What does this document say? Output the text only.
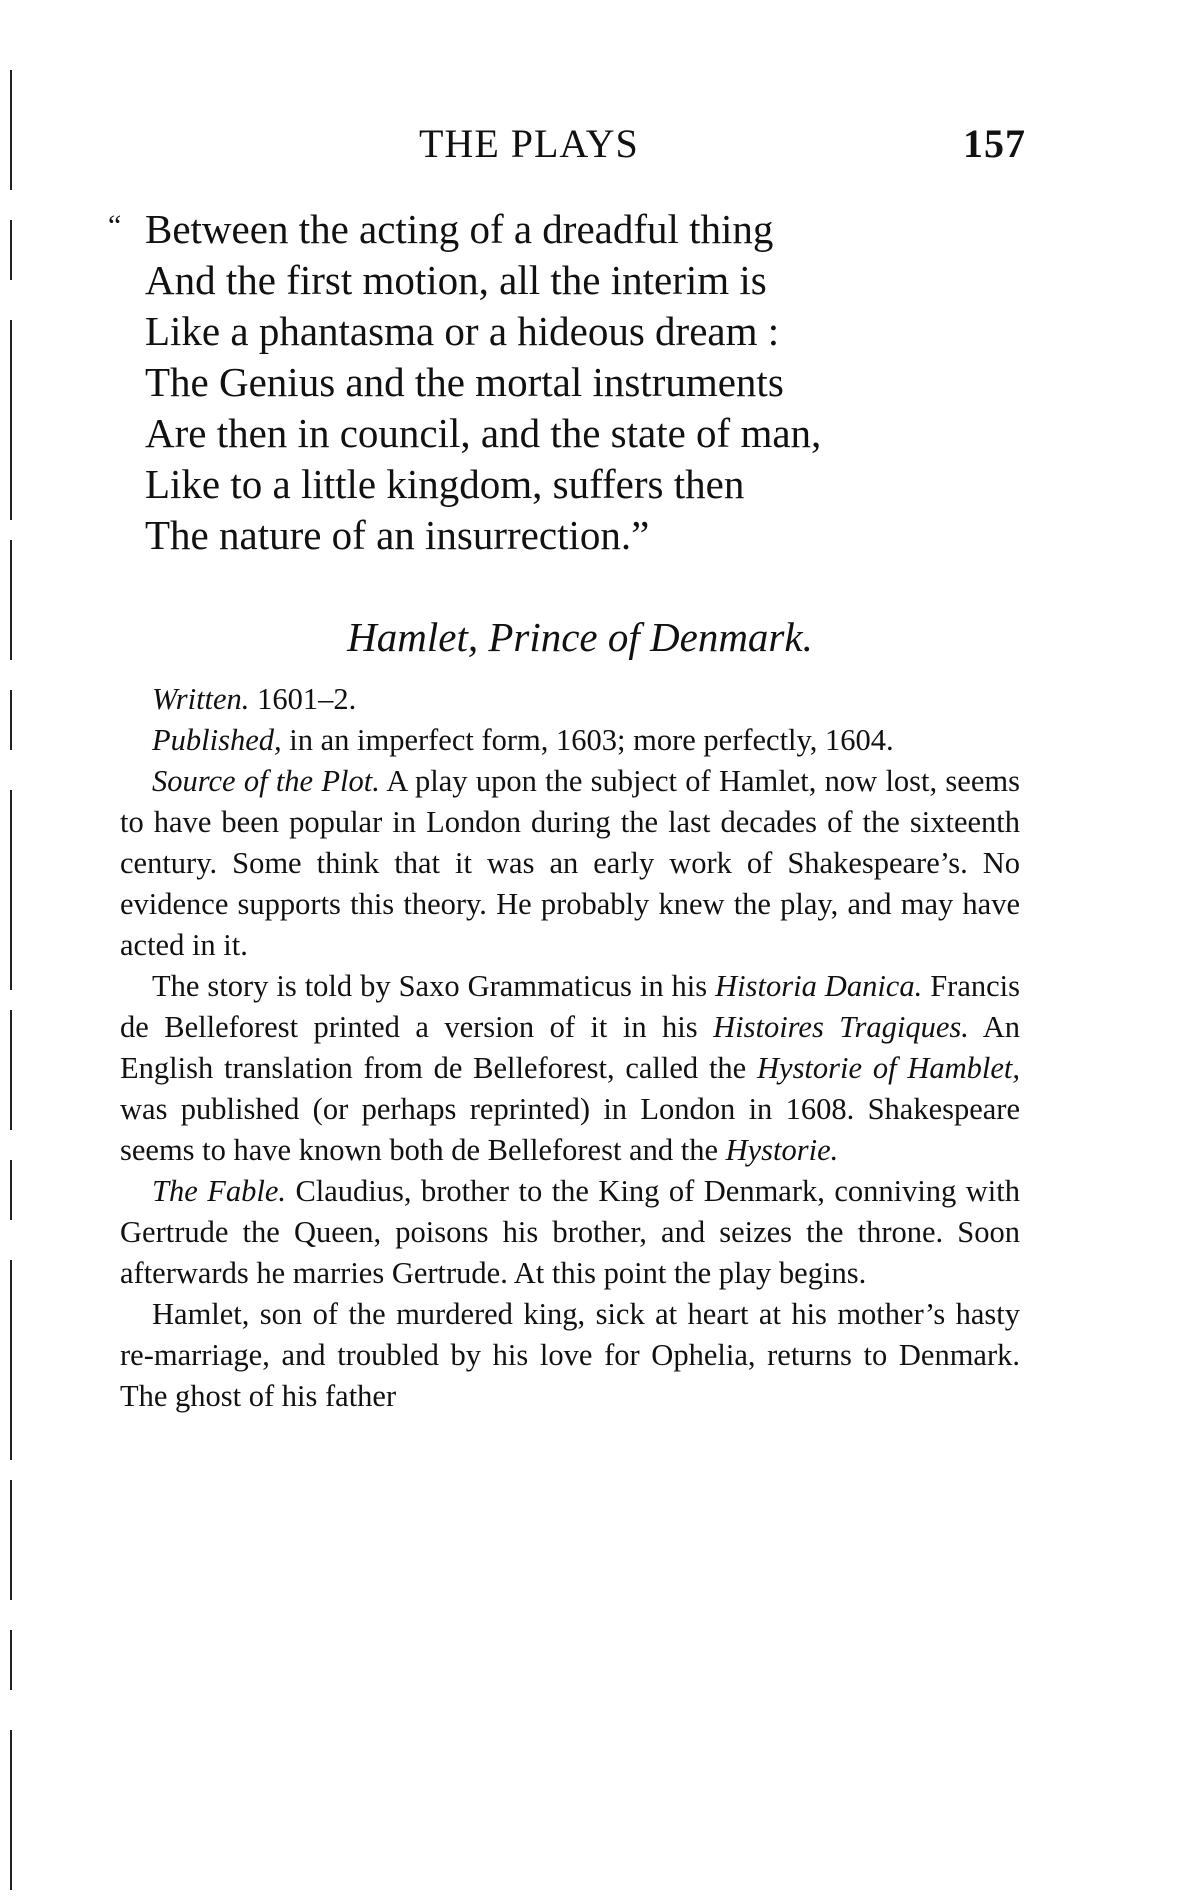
THE PLAYS	157
“ Between the acting of a dreadful thing
And the first motion, all the interim is
Like a phantasma or a hideous dream :
The Genius and the mortal instruments
Are then in council, and the state of man,
Like to a little kingdom, suffers then
The nature of an insurrection.”
Hamlet, Prince of Denmark.

Written. 1601–2.

Published, in an imperfect form, 1603; more perfectly, 1604.

Source of the Plot. A play upon the subject of Hamlet, now lost, seems to have been popular in London during the last decades of the sixteenth century. Some think that it was an early work of Shakespeare’s. No evidence supports this theory. He probably knew the play, and may have acted in it.

The story is told by Saxo Grammaticus in his Historia Danica. Francis de Belleforest printed a version of it in his Histoires Tragiques. An English translation from de Belleforest, called the Hystorie of Hamblet, was published (or perhaps reprinted) in London in 1608. Shakespeare seems to have known both de Belleforest and the Hystorie.

The Fable. Claudius, brother to the King of Denmark, conniving with Gertrude the Queen, poisons his brother, and seizes the throne. Soon afterwards he marries Gertrude. At this point the play begins.

Hamlet, son of the murdered king, sick at heart at his mother’s hasty re-marriage, and troubled by his love for Ophelia, returns to Denmark. The ghost of his father
